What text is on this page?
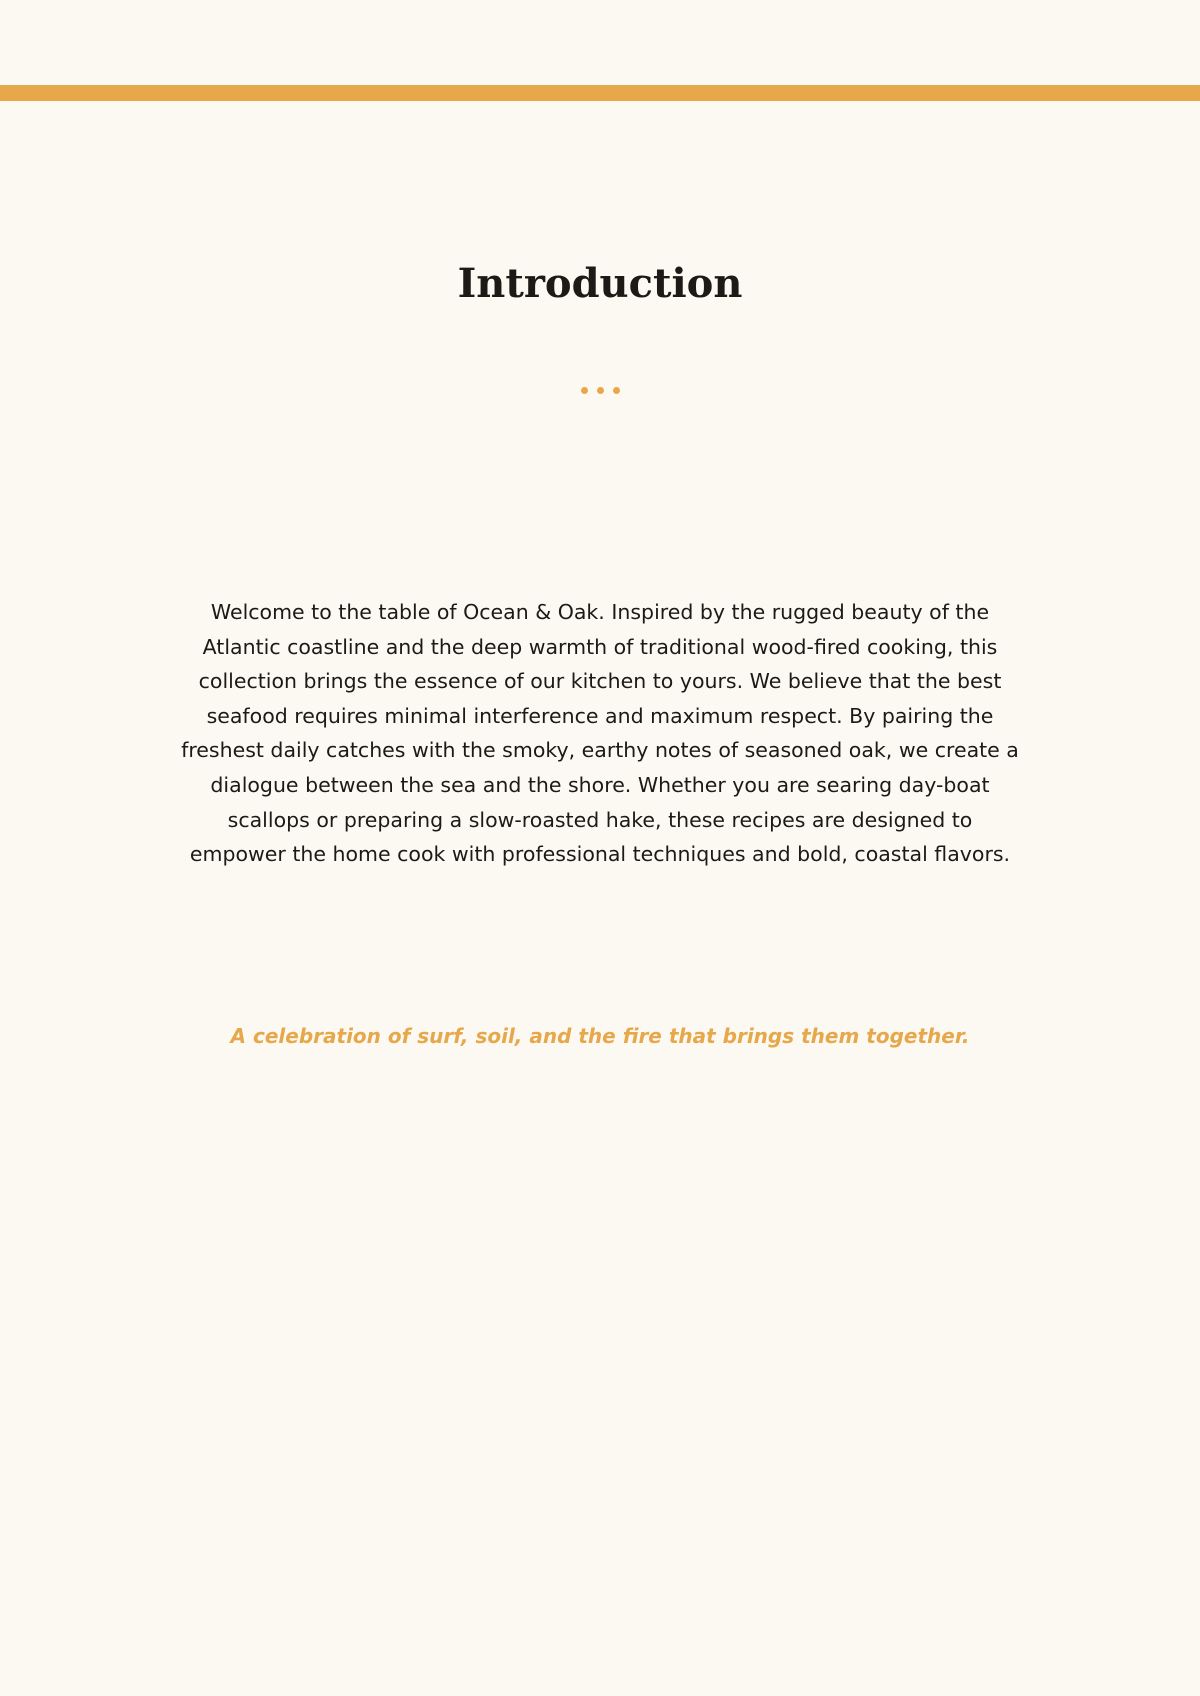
Introduction

Welcome to the table of Ocean & Oak. Inspired by the rugged beauty of the Atlantic coastline and the deep warmth of traditional wood-fired cooking, this collection brings the essence of our kitchen to yours. We believe that the best seafood requires minimal interference and maximum respect. By pairing the freshest daily catches with the smoky, earthy notes of seasoned oak, we create a dialogue between the sea and the shore. Whether you are searing day-boat scallops or preparing a slow-roasted hake, these recipes are designed to empower the home cook with professional techniques and bold, coastal flavors.

A celebration of surf, soil, and the fire that brings them together.
